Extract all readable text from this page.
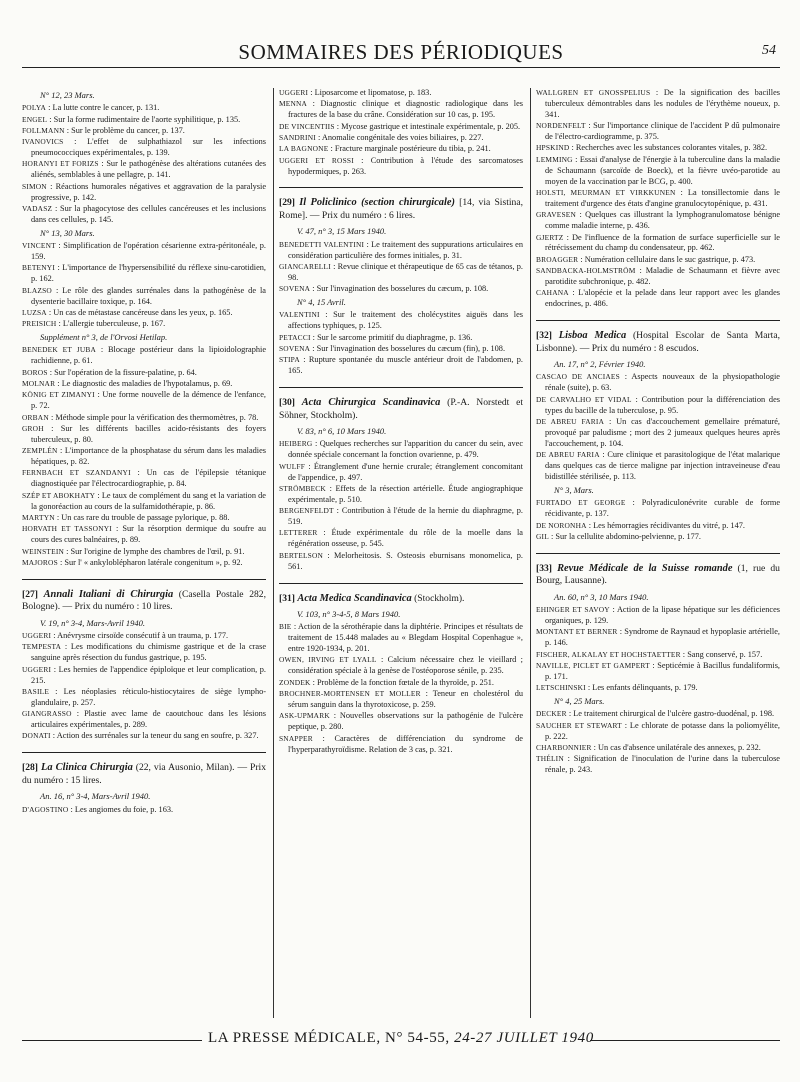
SOMMAIRES DES PÉRIODIQUES	54

N° 12, 23 Mars.

POLYA : La lutte contre le cancer, p. 131.

ENGEL : Sur la forme rudimentaire de l'aorte syphilitique, p. 135.

FOLLMANN : Sur le problème du cancer, p. 137.

IVANOVICS : L'effet de sulphathiazol sur les infections pneumococciques expérimentales, p. 139.

HORANYI ET FORIZS : Sur le pathogénèse des altérations cutanées des aliénés, semblables à une pellagre, p. 141.

SIMON : Réactions humorales négatives et aggravation de la paralysie progressive, p. 142.

VADASZ : Sur la phagocytose des cellules cancéreuses et les inclusions dans ces cellules, p. 145.

N° 13, 30 Mars.

VINCENT : Simplification de l'opération césarienne extra-péritonéale, p. 159.

BETENYI : L'importance de l'hypersensibilité du réflexe sinu-carotidien, p. 162.

BLAZSO : Le rôle des glandes surrénales dans la pathogénèse de la dysenterie bacillaire toxique, p. 164.

LUZSA : Un cas de métastase cancéreuse dans les yeux, p. 165.

PREISICH : L'allergie tuberculeuse, p. 167.

Supplément n° 3, de l'Orvosi Hetilap.

BENEDEK ET JUBA : Blocage postérieur dans la lipioidolographie rachidienne, p. 61.

BOROS : Sur l'opération de la fissure-palatine, p. 64.

MOLNAR : Le diagnostic des maladies de l'hypotalamus, p. 69.

KÖNIG ET ZIMANYI : Une forme nouvelle de la démence de l'enfance, p. 72.

ORBAN : Méthode simple pour la vérification des thermomètres, p. 78.

GROH : Sur les différents bacilles acido-résistants des foyers tuberculeux, p. 80.

ZEMPLÉN : L'importance de la phosphatase du sérum dans les maladies hépatiques, p. 82.

FERNBACH ET SZANDANYI : Un cas de l'épilepsie tétanique diagnostiquée par l'électrocardiographie, p. 84.

SZÉP ET ABOKHATY : Le taux de complément du sang et la variation de la gonoréaction au cours de la sulfamidothérapie, p. 86.

MARTYN : Un cas rare du trouble de passage pylorique, p. 88.

HORVATH ET TASSONYI : Sur la résorption dermique du soufre au cours des cures balnéaires, p. 89.

WEINSTEIN : Sur l'origine de lymphe des chambres de l'œil, p. 91.

MAJOROS : Sur l' « ankyloblépharon latérale congenitum », p. 92.

[27] Annali Italiani di Chirurgia (Casella Postale 282, Bologne). — Prix du numéro : 10 lires.

V. 19, n° 3-4, Mars-Avril 1940.

UGGERI : Anévrysme cirsoïde consécutif à un trauma, p. 177.

TEMPESTA : Les modifications du chimisme gastrique et de la crase sanguine après résection du fundus gastrique, p. 195.

UGGERI : Les hernies de l'appendice épiploïque et leur complication, p. 215.

BASILE : Les néoplasies réticulo-histiocytaires de siège lympho-glandulaire, p. 257.

GIANGRASSO : Plastie avec lame de caoutchouc dans les lésions articulaires expérimentales, p. 289.

DONATI : Action des surrénales sur la teneur du sang en soufre, p. 327.

[28] La Clinica Chirurgia (22, via Ausonio, Milan). — Prix du numéro : 15 lires.

An. 16, n° 3-4, Mars-Avril 1940.

D'AGOSTINO : Les angiomes du foie, p. 163.

UGGERI : Liposarcome et lipomatose, p. 183.

MENNA : Diagnostic clinique et diagnostic radiologique dans les fractures de la base du crâne. Considération sur 10 cas, p. 195.

DE VINCENTIIS : Mycose gastrique et intestinale expérimentale, p. 205.

SANDRINI : Anomalie congénitale des voies biliaires, p. 227.

LA BAGNONE : Fracture marginale postérieure du tibia, p. 241.

UGGERI ET ROSSI : Contribution à l'étude des sarcomatoses hypodermiques, p. 263.

[29] Il Policlinico (section chirurgicale) [14, via Sistina, Rome]. — Prix du numéro : 6 lires.

V. 47, n° 3, 15 Mars 1940.

BENEDETTI VALENTINI : Le traitement des suppurations articulaires en considération particulière des formes initiales, p. 31.

GIANCARELLI : Revue clinique et thérapeutique de 65 cas de tétanos, p. 98.

SOVENA : Sur l'invagination des bosselures du cæcum, p. 108.

N° 4, 15 Avril.

VALENTINI : Sur le traitement des cholécystites aiguës dans les affections typhiques, p. 125.

PETACCI : Sur le sarcome primitif du diaphragme, p. 136.

SOVENA : Sur l'invagination des bosselures du cæcum (fin), p. 108.

STIPA : Rupture spontanée du muscle antérieur droit de l'abdomen, p. 165.

[30] Acta Chirurgica Scandinavica (P.-A. Norstedt et Söhner, Stockholm).

V. 83, n° 6, 10 Mars 1940.

HEIBERG : Quelques recherches sur l'apparition du cancer du sein, avec donnée spéciale concernant la fonction ovarienne, p. 479.

WULFF : Étranglement d'une hernie crurale; étranglement concomitant de l'appendice, p. 497.

STRÖMBECK : Effets de la résection artérielle. Étude angiographique expérimentale, p. 510.

BERGENFELDT : Contribution à l'étude de la hernie du diaphragme, p. 519.

LETTERER : Étude expérimentale du rôle de la moelle dans la régénération osseuse, p. 545.

BERTELSON : Melorheitosis. S. Osteosis eburnisans monomelica, p. 561.

[31] Acta Medica Scandinavica (Stockholm).

V. 103, n° 3-4-5, 8 Mars 1940.

BIE : Action de la sérothérapie dans la diphtérie. Principes et résultats de traitement de 15.448 malades au « Blegdam Hospital Copenhague », entre 1920-1934, p. 201.

OWEN, IRVING ET LYALL : Calcium nécessaire chez le vieillard ; considération spéciale à la genèse de l'ostéoporose sénile, p. 235.

ZONDEK : Problème de la fonction fœtale de la thyroïde, p. 251.

BROCHNER-MORTENSEN ET MOLLER : Teneur en cholestérol du sérum sanguin dans la thyrotoxicose, p. 259.

ASK-UPMARK : Nouvelles observations sur la pathogénie de l'ulcère peptique, p. 280.

SNAPPER : Caractères de différenciation du syndrome de l'hyperparathyroïdisme. Relation de 3 cas, p. 321.

WALLGREN ET GNOSSPELIUS : De la signification des bacilles tuberculeux démontrables dans les nodules de l'érythème noueux, p. 341.

NORDENFELT : Sur l'importance clinique de l'accident P dû pulmonaire de l'électro-cardiogramme, p. 375.

HPSKIND : Recherches avec les substances colorantes vitales, p. 382.

LEMMING : Essai d'analyse de l'énergie à la tuberculine dans la maladie de Schaumann (sarcoïde de Boeck), et la fièvre uvéo-parotide au moyen de la vaccination par le BCG, p. 400.

HOLSTI, MEURMAN ET VIRKKUNEN : La tonsillectomie dans le traitement d'urgence des états d'angine granulocytopénique, p. 431.

GRAVESEN : Quelques cas illustrant la lymphogranulomatose bénigne comme maladie interne, p. 436.

GJERTZ : De l'influence de la formation de surface superficielle sur le rétrécissement du champ du condensateur, pp. 462.

BROAGGER : Numération cellulaire dans le suc gastrique, p. 473.

SANDBACKA-HOLMSTRÖM : Maladie de Schaumann et fièvre avec parotidite subchronique, p. 482.

CAHANA : L'alopécie et la pelade dans leur rapport avec les glandes endocrines, p. 486.

[32] Lisboa Medica (Hospital Escolar de Santa Marta, Lisbonne). — Prix du numéro : 8 escudos.

An. 17, n° 2, Février 1940.

CASCAO DE ANCIAES : Aspects nouveaux de la physiopathologie rénale (suite), p. 63.

DE CARVALHO ET VIDAL : Contribution pour la différenciation des types du bacille de la tuberculose, p. 95.

DE ABREU FARIA : Un cas d'accouchement gemellaire prématuré, provoqué par paludisme ; mort des 2 jumeaux quelques heures après l'accouchement, p. 104.

DE ABREU FARIA : Cure clinique et parasitologique de l'état malarique dans quelques cas de tierce maligne par injection intraveineuse d'eau bidistillée stérilisée, p. 113.

N° 3, Mars.

FURTADO ET GEORGE : Polyradiculonévrite curable de forme récidivante, p. 137.

DE NORONHA : Les hémorragies récidivantes du vitré, p. 147.

GIL : Sur la cellulite abdomino-pelvienne, p. 177.

[33] Revue Médicale de la Suisse romande (1, rue du Bourg, Lausanne).

An. 60, n° 3, 10 Mars 1940.

EHINGER ET SAVOY : Action de la lipase hépatique sur les déficiences organiques, p. 129.

MONTANT ET BERNER : Syndrome de Raynaud et hypoplasie artérielle, p. 146.

FISCHER, ALKALAY ET HOCHSTAETTER : Sang conservé, p. 157.

NAVILLE, PICLET ET GAMPERT : Septicémie à Bacillus fundaliformis, p. 171.

LETSCHINSKI : Les enfants délinquants, p. 179.

N° 4, 25 Mars.

DECKER : Le traitement chirurgical de l'ulcère gastro-duodénal, p. 198.

SAUCHER ET STEWART : Le chlorate de potasse dans la poliomyélite, p. 222.

CHARBONNIER : Un cas d'absence unilatérale des annexes, p. 232.

THÉLIN : Signification de l'inoculation de l'urine dans la tuberculose rénale, p. 243.

LA PRESSE MÉDICALE, N° 54-55, 24-27 JUILLET 1940
